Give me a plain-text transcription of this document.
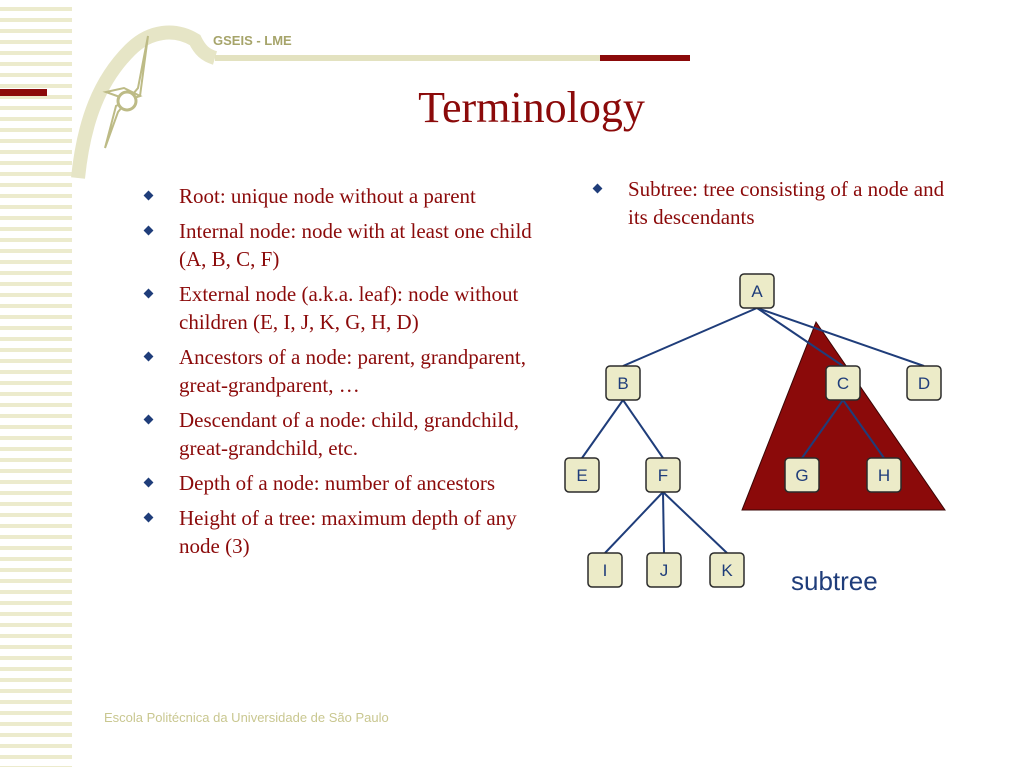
GSEIS - LME

Terminology
Root: unique node without a parent
Internal node: node with at least one child (A, B, C, F)
External node (a.k.a. leaf): node without children (E, I, J, K, G, H, D)
Ancestors of a node: parent, grandparent, great-grandparent, …
Descendant of a node: child, grandchild, great-grandchild, etc.
Depth of a node: number of ancestors
Height of a tree: maximum depth of any node (3)
Subtree: tree consisting of a node and its descendants
A
B	C	D
E	F	G	H
I	J	K subtree

Escola Politécnica da Universidade de São Paulo
